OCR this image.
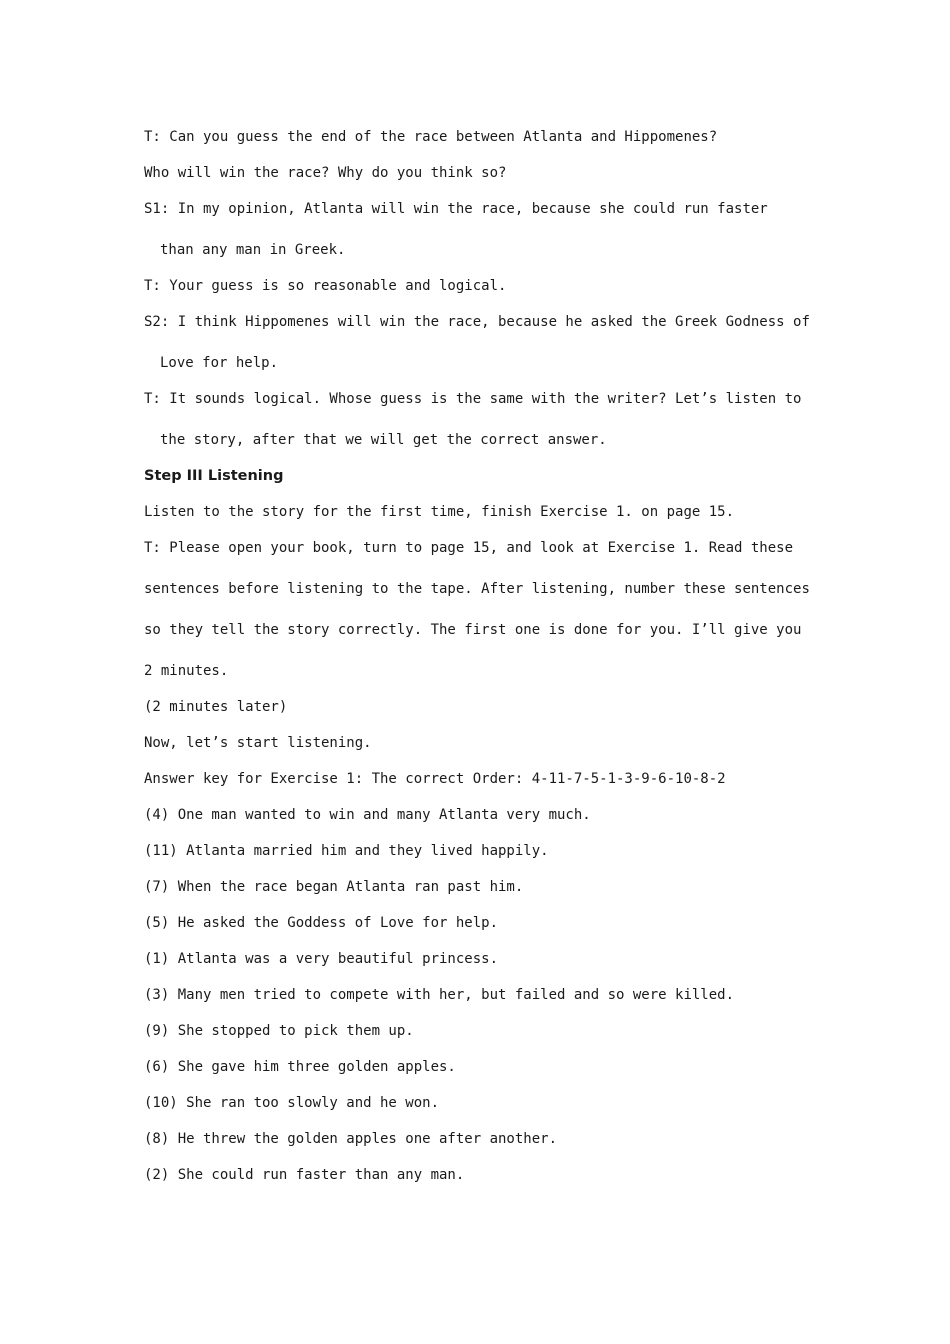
T: Can you guess the end of the race between Atlanta and Hippomenes?
Who will win the race? Why do you think so?
S1: In my opinion, Atlanta will win the race, because she could run faster
than any man in Greek.
T: Your guess is so reasonable and logical.
S2: I think Hippomenes will win the race, because he asked the Greek Godness of
Love for help.
T: It sounds logical. Whose guess is the same with the writer? Let’s listen to
the story, after that we will get the correct answer.
Step III Listening
Listen to the story for the first time, finish Exercise 1. on page 15.
T: Please open your book, turn to page 15, and look at Exercise 1. Read these
sentences before listening to the tape. After listening, number these sentences
so they tell the story correctly. The first one is done for you. I’ll give you
2 minutes.
(2 minutes later)
Now, let’s start listening.
Answer key for Exercise 1: The correct Order: 4-11-7-5-1-3-9-6-10-8-2
(4) One man wanted to win and many Atlanta very much.
(11) Atlanta married him and they lived happily.
(7) When the race began Atlanta ran past him.
(5) He asked the Goddess of Love for help.
(1) Atlanta was a very beautiful princess.
(3) Many men tried to compete with her, but failed and so were killed.
(9) She stopped to pick them up.
(6) She gave him three golden apples.
(10) She ran too slowly and he won.
(8) He threw the golden apples one after another.
(2) She could run faster than any man.
